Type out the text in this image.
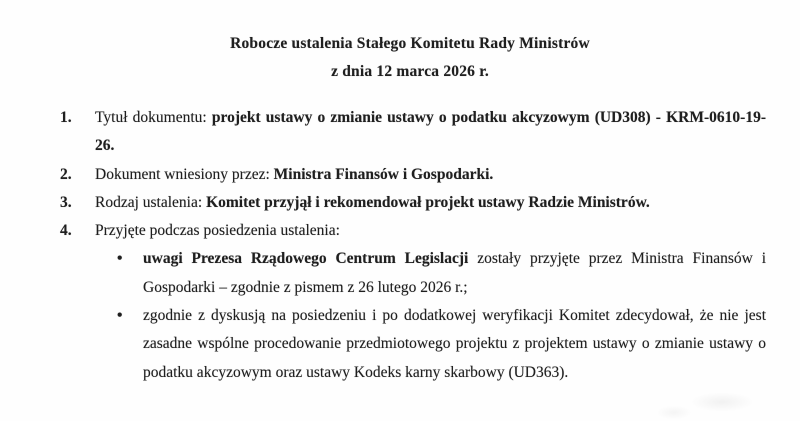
Robocze ustalenia Stałego Komitetu Rady Ministrów
z dnia 12 marca 2026 r.
1. Tytuł dokumentu: projekt ustawy o zmianie ustawy o podatku akcyzowym (UD308) - KRM-0610-19-26.
2. Dokument wniesiony przez: Ministra Finansów i Gospodarki.
3. Rodzaj ustalenia: Komitet przyjął i rekomendował projekt ustawy Radzie Ministrów.
4. Przyjęte podczas posiedzenia ustalenia:
• uwagi Prezesa Rządowego Centrum Legislacji zostały przyjęte przez Ministra Finansów i Gospodarki – zgodnie z pismem z 26 lutego 2026 r.;
• zgodnie z dyskusją na posiedzeniu i po dodatkowej weryfikacji Komitet zdecydował, że nie jest zasadne wspólne procedowanie przedmiotowego projektu z projektem ustawy o zmianie ustawy o podatku akcyzowym oraz ustawy Kodeks karny skarbowy (UD363).
